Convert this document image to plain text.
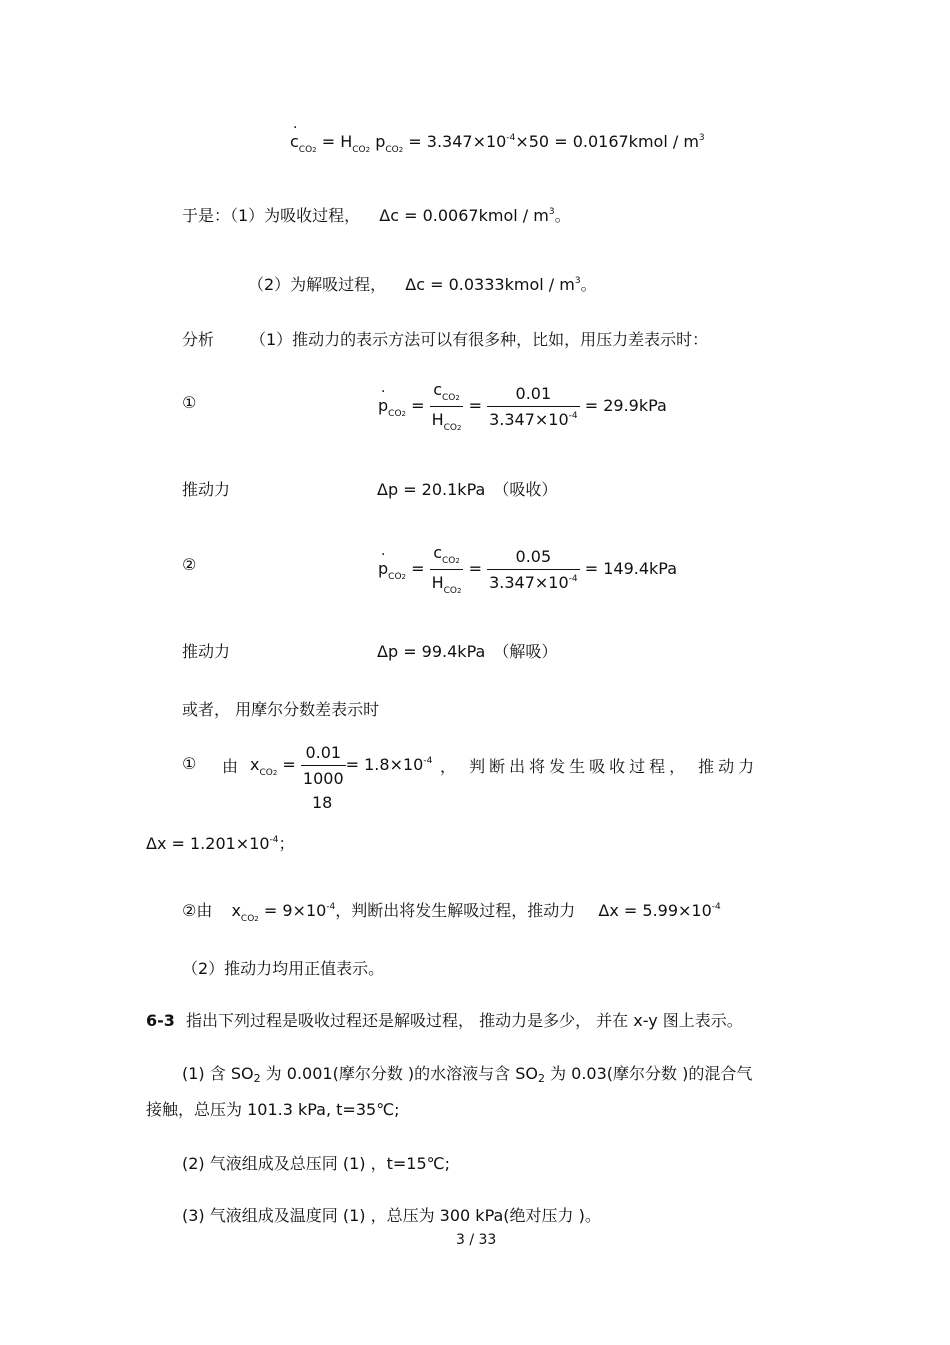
· $c_{CO2} = H_{CO2}$ $p_{CO2} = 3.347\times 10^{-4}\times 50$ = 0.0167kmol / $m^3$
于是：（1）为吸收过程， Δc = 0.0067kmol / $m^3$。
（2）为解吸过程， Δc = 0.0333kmol / $m^3$。
分析 （1）推动力的表示方法可以有很多种，比如，用压力差表示时：
①	· $p_{CO2} = \frac{c_{CO2}}{H_{CO2}} = \frac{0.01}{3.347\times 10^{-4}} = 29.9kPa$
推动力	Δp = 20.1kPa （吸收）
②	· $p_{CO2} = \frac{c_{CO2}}{H_{CO2}} = \frac{0.05}{3.347\times 10^{-4}} = 149.4kPa$
推动力	Δp = 99.4kPa （解吸）
或者， 用摩尔分数差表示时
① 由 $x_{CO2} = \frac{0.01}{1000} = 1.8\times 10^{-4}$
18
， 判断出将发生吸收过程， 推动力
$\Delta x = 1.201\times 10^{-4}$；
②由 $x_{CO2} = 9\times 10^{-4}$，判断出将发生解吸过程，推动力 $\Delta x = 5.99\times 10^{-4}$
（2）推动力均用正值表示。
6-3 指出下列过程是吸收过程还是解吸过程， 推动力是多少， 并在 x-y 图上表示。
(1) 含 SO2 为 0.001(摩尔分数 )的水溶液与含 SO2 为 0.03(摩尔分数 )的混合气
接触，总压为 101.3 kPa, t=35℃;
(2) 气液组成及总压同 (1) ，t=15℃;
(3) 气液组成及温度同 (1) ，总压为 300 kPa(绝对压力 )。
3 / 33
